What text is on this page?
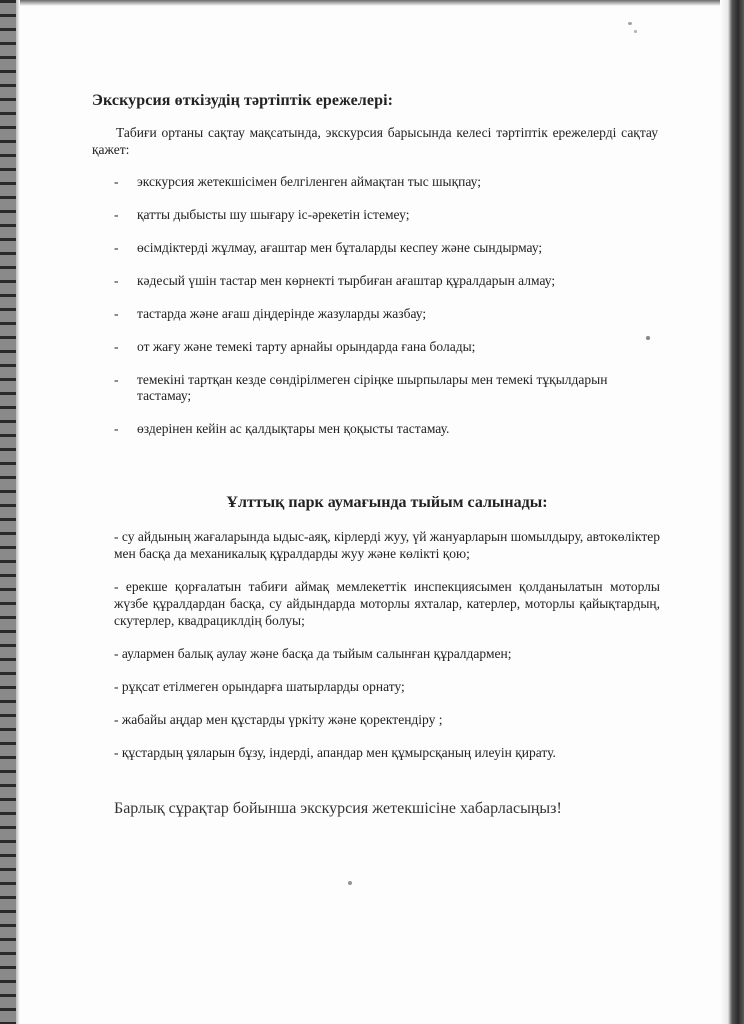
Экскурсия өткізудің тәртіптік ережелері:

Табиғи ортаны сақтау мақсатында, экскурсия барысында келесі тәртіптік ережелерді сақтау қажет:

- экскурсия жетекшісімен белгіленген аймақтан тыс шықпау;
- қатты дыбысты шу шығару іс-әрекетін істемеу;
- өсімдіктерді жұлмау, ағаштар мен бұталарды кеспеу және сындырмау;
- кәдесый үшін тастар мен көрнекті тырбиған ағаштар құралдарын алмау;
- тастарда және ағаш діңдерінде жазуларды жазбау;
- от жағу және темекі тарту арнайы орындарда ғана болады;
- темекіні тартқан кезде сөндірілмеген сіріңке шырпылары мен темекі тұқылдарын тастамау;
- өздерінен кейін ас қалдықтары мен қоқысты тастамау.
Ұлттық парк аумағында тыйым салынады:

- су айдының жағаларында ыдыс-аяқ, кірлерді жуу, үй жануарларын шомылдыру, автокөліктер мен басқа да механикалық құралдарды жуу және көлікті қою;

- ерекше қорғалатын табиғи аймақ мемлекеттік инспекциясымен қолданылатын моторлы жүзбе құралдардан басқа, су айдындарда моторлы яхталар, катерлер, моторлы қайықтардың, скутерлер, квадрациклдің болуы;

- аулармен балық аулау және басқа да тыйым салынған құралдармен;

- рұқсат етілмеген орындарға шатырларды орнату;

- жабайы аңдар мен құстарды үркіту және қоректендіру ;

- құстардың ұяларын бұзу, індерді, апандар мен құмырсқаның илеуін қирату.

Барлық сұрақтар бойынша экскурсия жетекшісіне хабарласыңыз!
